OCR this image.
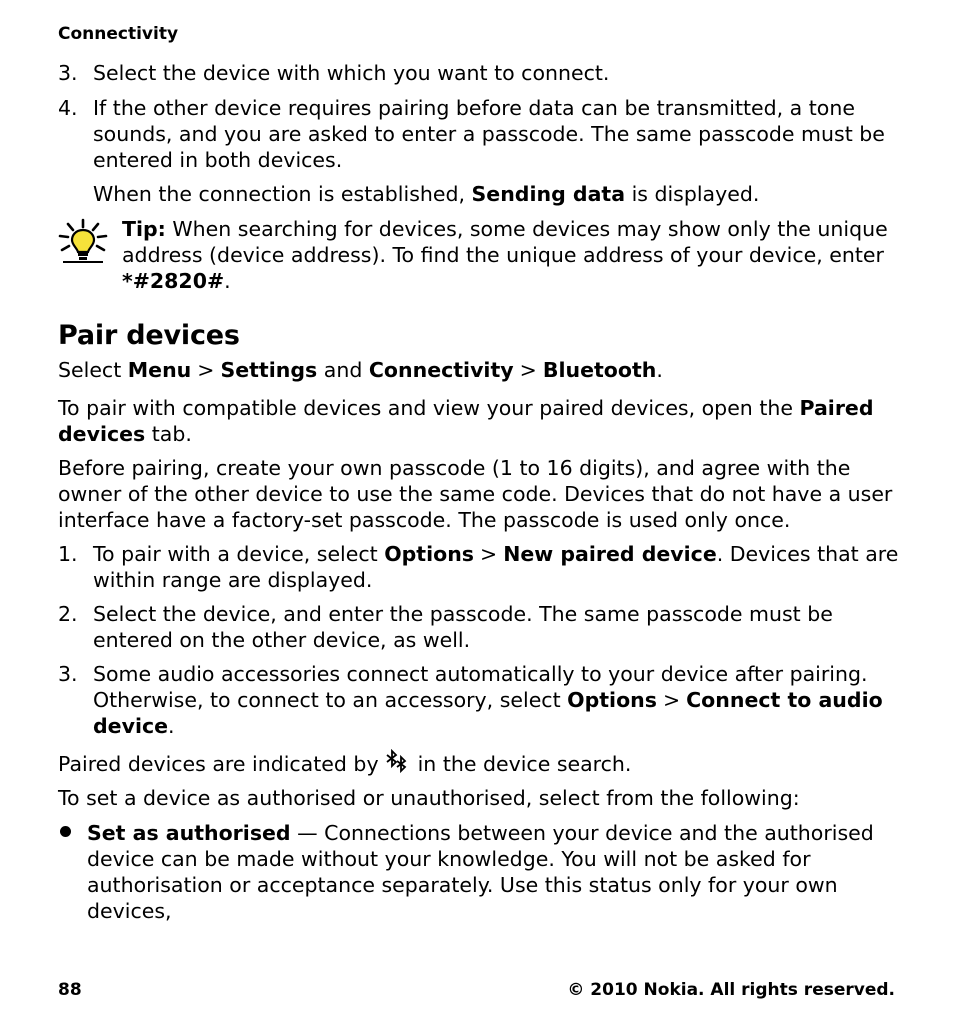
Connectivity
3. Select the device with which you want to connect.
4. If the other device requires pairing before data can be transmitted, a tone sounds, and you are asked to enter a passcode. The same passcode must be entered in both devices.
When the connection is established, Sending data is displayed.
Tip: When searching for devices, some devices may show only the unique address (device address). To find the unique address of your device, enter *#2820#.
Pair devices
Select Menu > Settings and Connectivity > Bluetooth.
To pair with compatible devices and view your paired devices, open the Paired devices tab.
Before pairing, create your own passcode (1 to 16 digits), and agree with the owner of the other device to use the same code. Devices that do not have a user interface have a factory-set passcode. The passcode is used only once.
1. To pair with a device, select Options > New paired device. Devices that are within range are displayed.
2. Select the device, and enter the passcode. The same passcode must be entered on the other device, as well.
3. Some audio accessories connect automatically to your device after pairing. Otherwise, to connect to an accessory, select Options > Connect to audio device.
Paired devices are indicated by  in the device search.
To set a device as authorised or unauthorised, select from the following:
Set as authorised — Connections between your device and the authorised device can be made without your knowledge. You will not be asked for authorisation or acceptance separately. Use this status only for your own devices,
88	© 2010 Nokia. All rights reserved.
